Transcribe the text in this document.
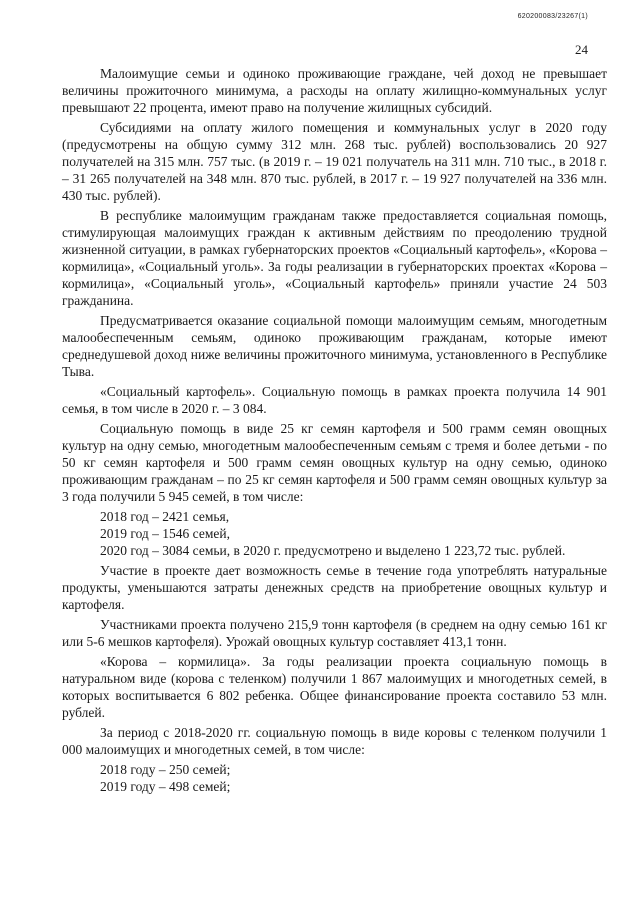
620200083/23267(1)
24

Малоимущие семьи и одиноко проживающие граждане, чей доход не превышает величины прожиточного минимума, а расходы на оплату жилищно-коммунальных услуг превышают 22 процента, имеют право на получение жилищных субсидий.

Субсидиями на оплату жилого помещения и коммунальных услуг в 2020 году (предусмотрены на общую сумму 312 млн. 268 тыс. рублей) воспользовались 20 927 получателей на 315 млн. 757 тыс. (в 2019 г. – 19 021 получатель на 311 млн. 710 тыс., в 2018 г. – 31 265 получателей на 348 млн. 870 тыс. рублей, в 2017 г. – 19 927 получателей на 336 млн. 430 тыс. рублей).

В республике малоимущим гражданам также предоставляется социальная помощь, стимулирующая малоимущих граждан к активным действиям по преодолению трудной жизненной ситуации, в рамках губернаторских проектов «Социальный картофель», «Корова – кормилица», «Социальный уголь». За годы реализации в губернаторских проектах «Корова – кормилица», «Социальный уголь», «Социальный картофель» приняли участие 24 503 гражданина.

Предусматривается оказание социальной помощи малоимущим семьям, многодетным малообеспеченным семьям, одиноко проживающим гражданам, которые имеют среднедушевой доход ниже величины прожиточного минимума, установленного в Республике Тыва.

«Социальный картофель». Социальную помощь в рамках проекта получила 14 901 семья, в том числе в 2020 г. – 3 084.

Социальную помощь в виде 25 кг семян картофеля и 500 грамм семян овощных культур на одну семью, многодетным малообеспеченным семьям с тремя и более детьми - по 50 кг семян картофеля и 500 грамм семян овощных культур на одну семью, одиноко проживающим гражданам – по 25 кг семян картофеля и 500 грамм семян овощных культур за 3 года получили 5 945 семей, в том числе:

2018 год – 2421 семья,
2019 год – 1546 семей,
2020 год – 3084 семьи, в 2020 г. предусмотрено и выделено 1 223,72 тыс. рублей.

Участие в проекте дает возможность семье в течение года употреблять натуральные продукты, уменьшаются затраты денежных средств на приобретение овощных культур и картофеля.

Участниками проекта получено 215,9 тонн картофеля (в среднем на одну семью 161 кг или 5-6 мешков картофеля). Урожай овощных культур составляет 413,1 тонн.

«Корова – кормилица». За годы реализации проекта социальную помощь в натуральном виде (корова с теленком) получили 1 867 малоимущих и многодетных семей, в которых воспитывается 6 802 ребенка. Общее финансирование проекта составило 53 млн. рублей.

За период с 2018-2020 гг. социальную помощь в виде коровы с теленком получили 1 000 малоимущих и многодетных семей, в том числе:

2018 году – 250 семей;
2019 году – 498 семей;
